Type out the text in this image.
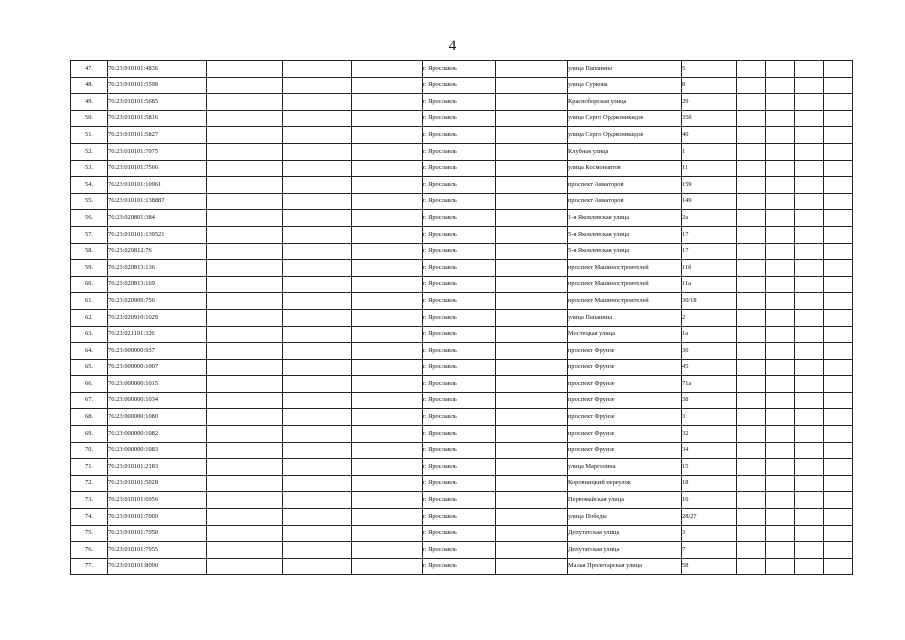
4
47.	76:23:010101:4836				г. Ярославль		улица Папанина	5				
48.	76:23:010101:5598				г. Ярославль		улица Суркова	8				
49.	76:23:010101:5685				г. Ярославль		Красноборская улица	29				
50.	76:23:010101:5816				г. Ярославль		улица Серго Орджоникидзе	35б				
51.	76:23:010101:5827				г. Ярославль		улица Серго Орджоникидзе	40				
52.	76:23:010101:7075				г. Ярославль		Клубная улица	1				
53.	76:23:010101:7566				г. Ярославль		улица Космонавтов	11				
54.	76:23:010101:10961				г. Ярославль		проспект Авиаторов	159				
55.	76:23:010101:138887				г. Ярославль		проспект Авиаторов	149				
56.	76:23:020801:384				г. Ярославль		1-я Яковлевская улица	2а				
57.	76:23:010101:139521				г. Ярославль		5-я Яковлевская улица	17				
58.	76:23:020812:76				г. Ярославль		5-я Яковлевская улица	17				
59.	76:23:020813:136				г. Ярославль		проспект Машиностроителей	11б				
60.	76:23:020813:169				г. Ярославль		проспект Машиностроителей	11а				
61.	76:23:020909:756				г. Ярославль		проспект Машиностроителей	30/18				
62.	76:23:020910:1029				г. Ярославль		улица Папанина	2				
63.	76:23:021101:326				г. Ярославль		Мостецкая улица	1а				
64.	76:23:000000:937				г. Ярославль		проспект Фрунзе	30				
65.	76:23:000000:1007				г. Ярославль		проспект Фрунзе	45				
66.	76:23:000000:1015				г. Ярославль		проспект Фрунзе	71а				
67.	76:23:000000:1034				г. Ярославль		проспект Фрунзе	38				
68.	76:23:000000:1080				г. Ярославль		проспект Фрунзе	3				
69.	76:23:000000:1082				г. Ярославль		проспект Фрунзе	32				
70.	76:23:000000:1083				г. Ярославль		проспект Фрунзе	34				
71.	76:23:010101:2183				г. Ярославль		улица Марголина	15				
72.	76:23:010101:5028				г. Ярославль		Коровницкий переулок	18				
73.	76:23:010101:6956				г. Ярославль		Первомайская улица	10				
74.	76:23:010101:7009				г. Ярославль		улица Победы	28/27				
75.	76:23:010101:7950				г. Ярославль		Депутатская улица	3				
76.	76:23:010101:7955				г. Ярославль		Депутатская улица	7				
77.	76:23:010101:8090				г. Ярославль		Малая Пролетарская улица	58				
